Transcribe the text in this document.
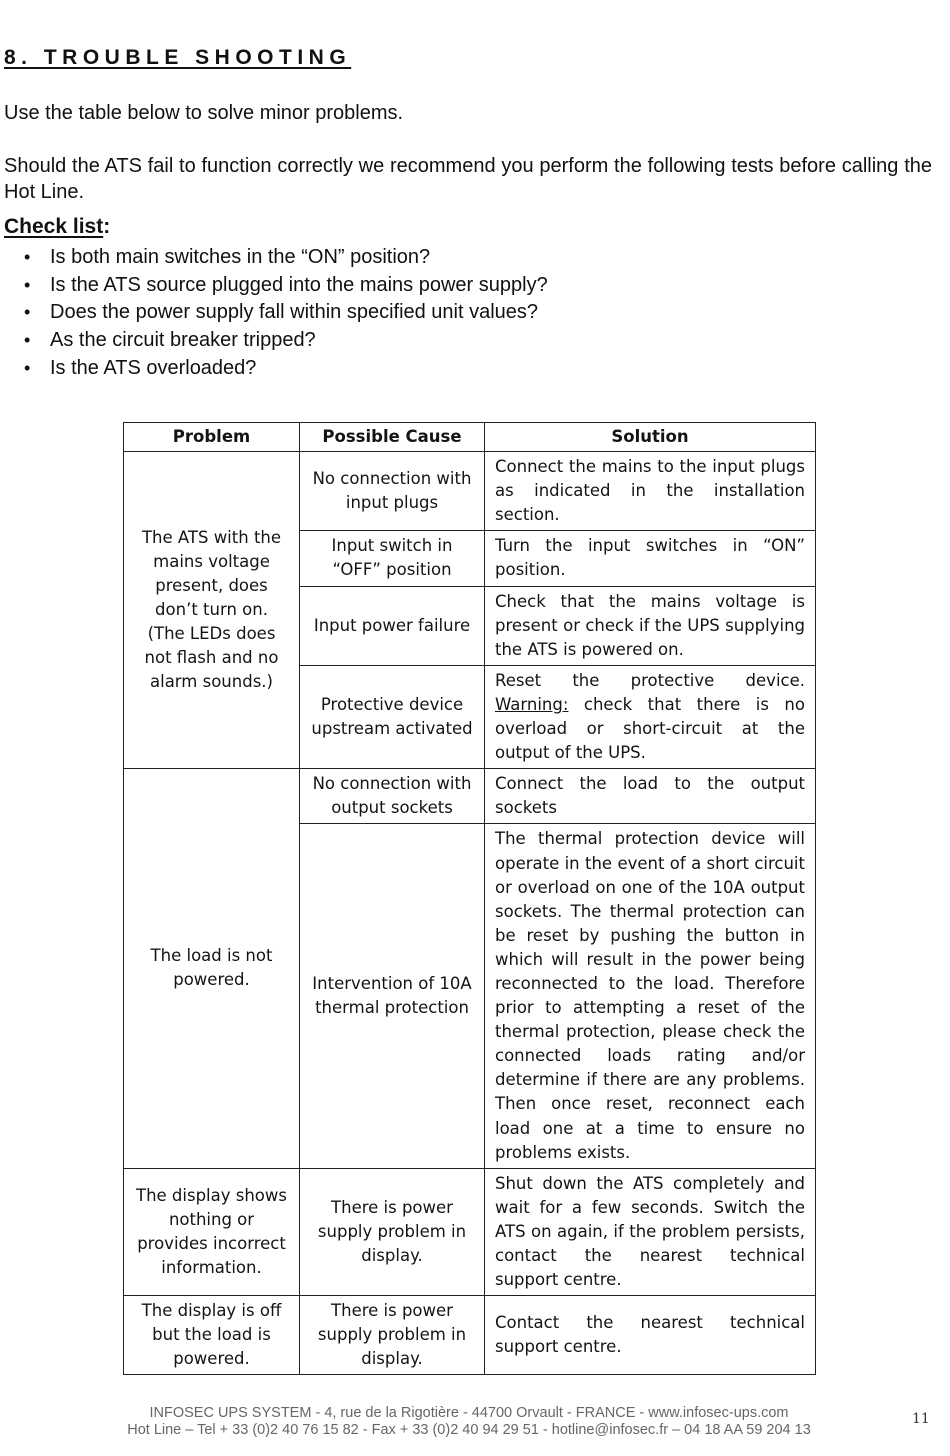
8. TROUBLE SHOOTING

Use the table below to solve minor problems.

Should the ATS fail to function correctly we recommend you perform the following tests before calling the Hot Line.

Check list:

• Is both main switches in the “ON” position?
• Is the ATS source plugged into the mains power supply?
• Does the power supply fall within specified unit values?
• As the circuit breaker tripped?
• Is the ATS overloaded?
Problem	Possible Cause	Solution
The ATS with the mains voltage present, does don’t turn on. (The LEDs does not flash and no alarm sounds.)	No connection with input plugs	Connect the mains to the input plugs as indicated in the installation section.
	Input switch in “OFF” position	Turn the input switches in “ON” position.
	Input power failure	Check that the mains voltage is present or check if the UPS supplying the ATS is powered on.
	Protective device upstream activated	Reset the protective device. Warning: check that there is no overload or short-circuit at the output of the UPS.
The load is not powered.	No connection with output sockets	Connect the load to the output sockets
	Intervention of 10A thermal protection	The thermal protection device will operate in the event of a short circuit or overload on one of the 10A output sockets. The thermal protection can be reset by pushing the button in which will result in the power being reconnected to the load. Therefore prior to attempting a reset of the thermal protection, please check the connected loads rating and/or determine if there are any problems. Then once reset, reconnect each load one at a time to ensure no problems exists.
The display shows nothing or provides incorrect information.	There is power supply problem in display.	Shut down the ATS completely and wait for a few seconds. Switch the ATS on again, if the problem persists, contact the nearest technical support centre.
The display is off but the load is powered.	There is power supply problem in display.	Contact the nearest technical support centre.
INFOSEC UPS SYSTEM - 4, rue de la Rigotière - 44700 Orvault - FRANCE - www.infosec-ups.com
Hot Line – Tel + 33 (0)2 40 76 15 82 - Fax + 33 (0)2 40 94 29 51 - hotline@infosec.fr – 04 18 AA 59 204 13
11
